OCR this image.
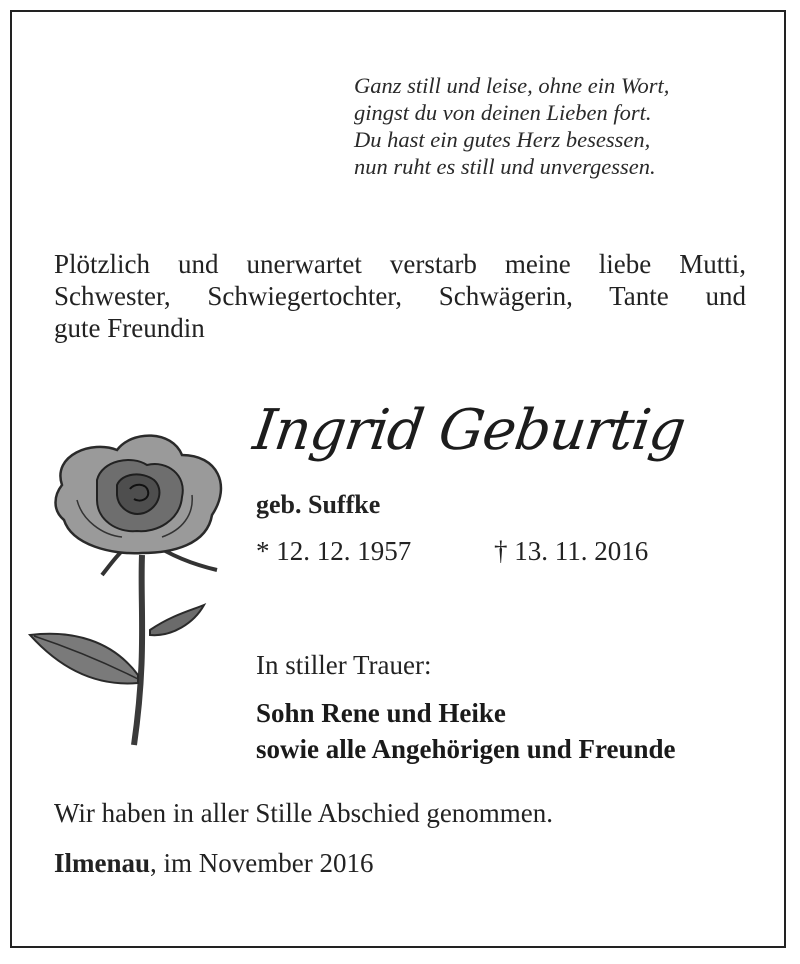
Ganz still und leise, ohne ein Wort,
gingst du von deinen Lieben fort.
Du hast ein gutes Herz besessen,
nun ruht es still und unvergessen.
Plötzlich und unerwartet verstarb meine liebe Mutti,
Schwester, Schwiegertochter, Schwägerin, Tante und
gute Freundin
Ingrid Geburtig
geb. Suffke
* 12. 12. 1957	† 13. 11. 2016
In stiller Trauer:
Sohn Rene und Heike
sowie alle Angehörigen und Freunde
Wir haben in aller Stille Abschied genommen.
Ilmenau, im November 2016
